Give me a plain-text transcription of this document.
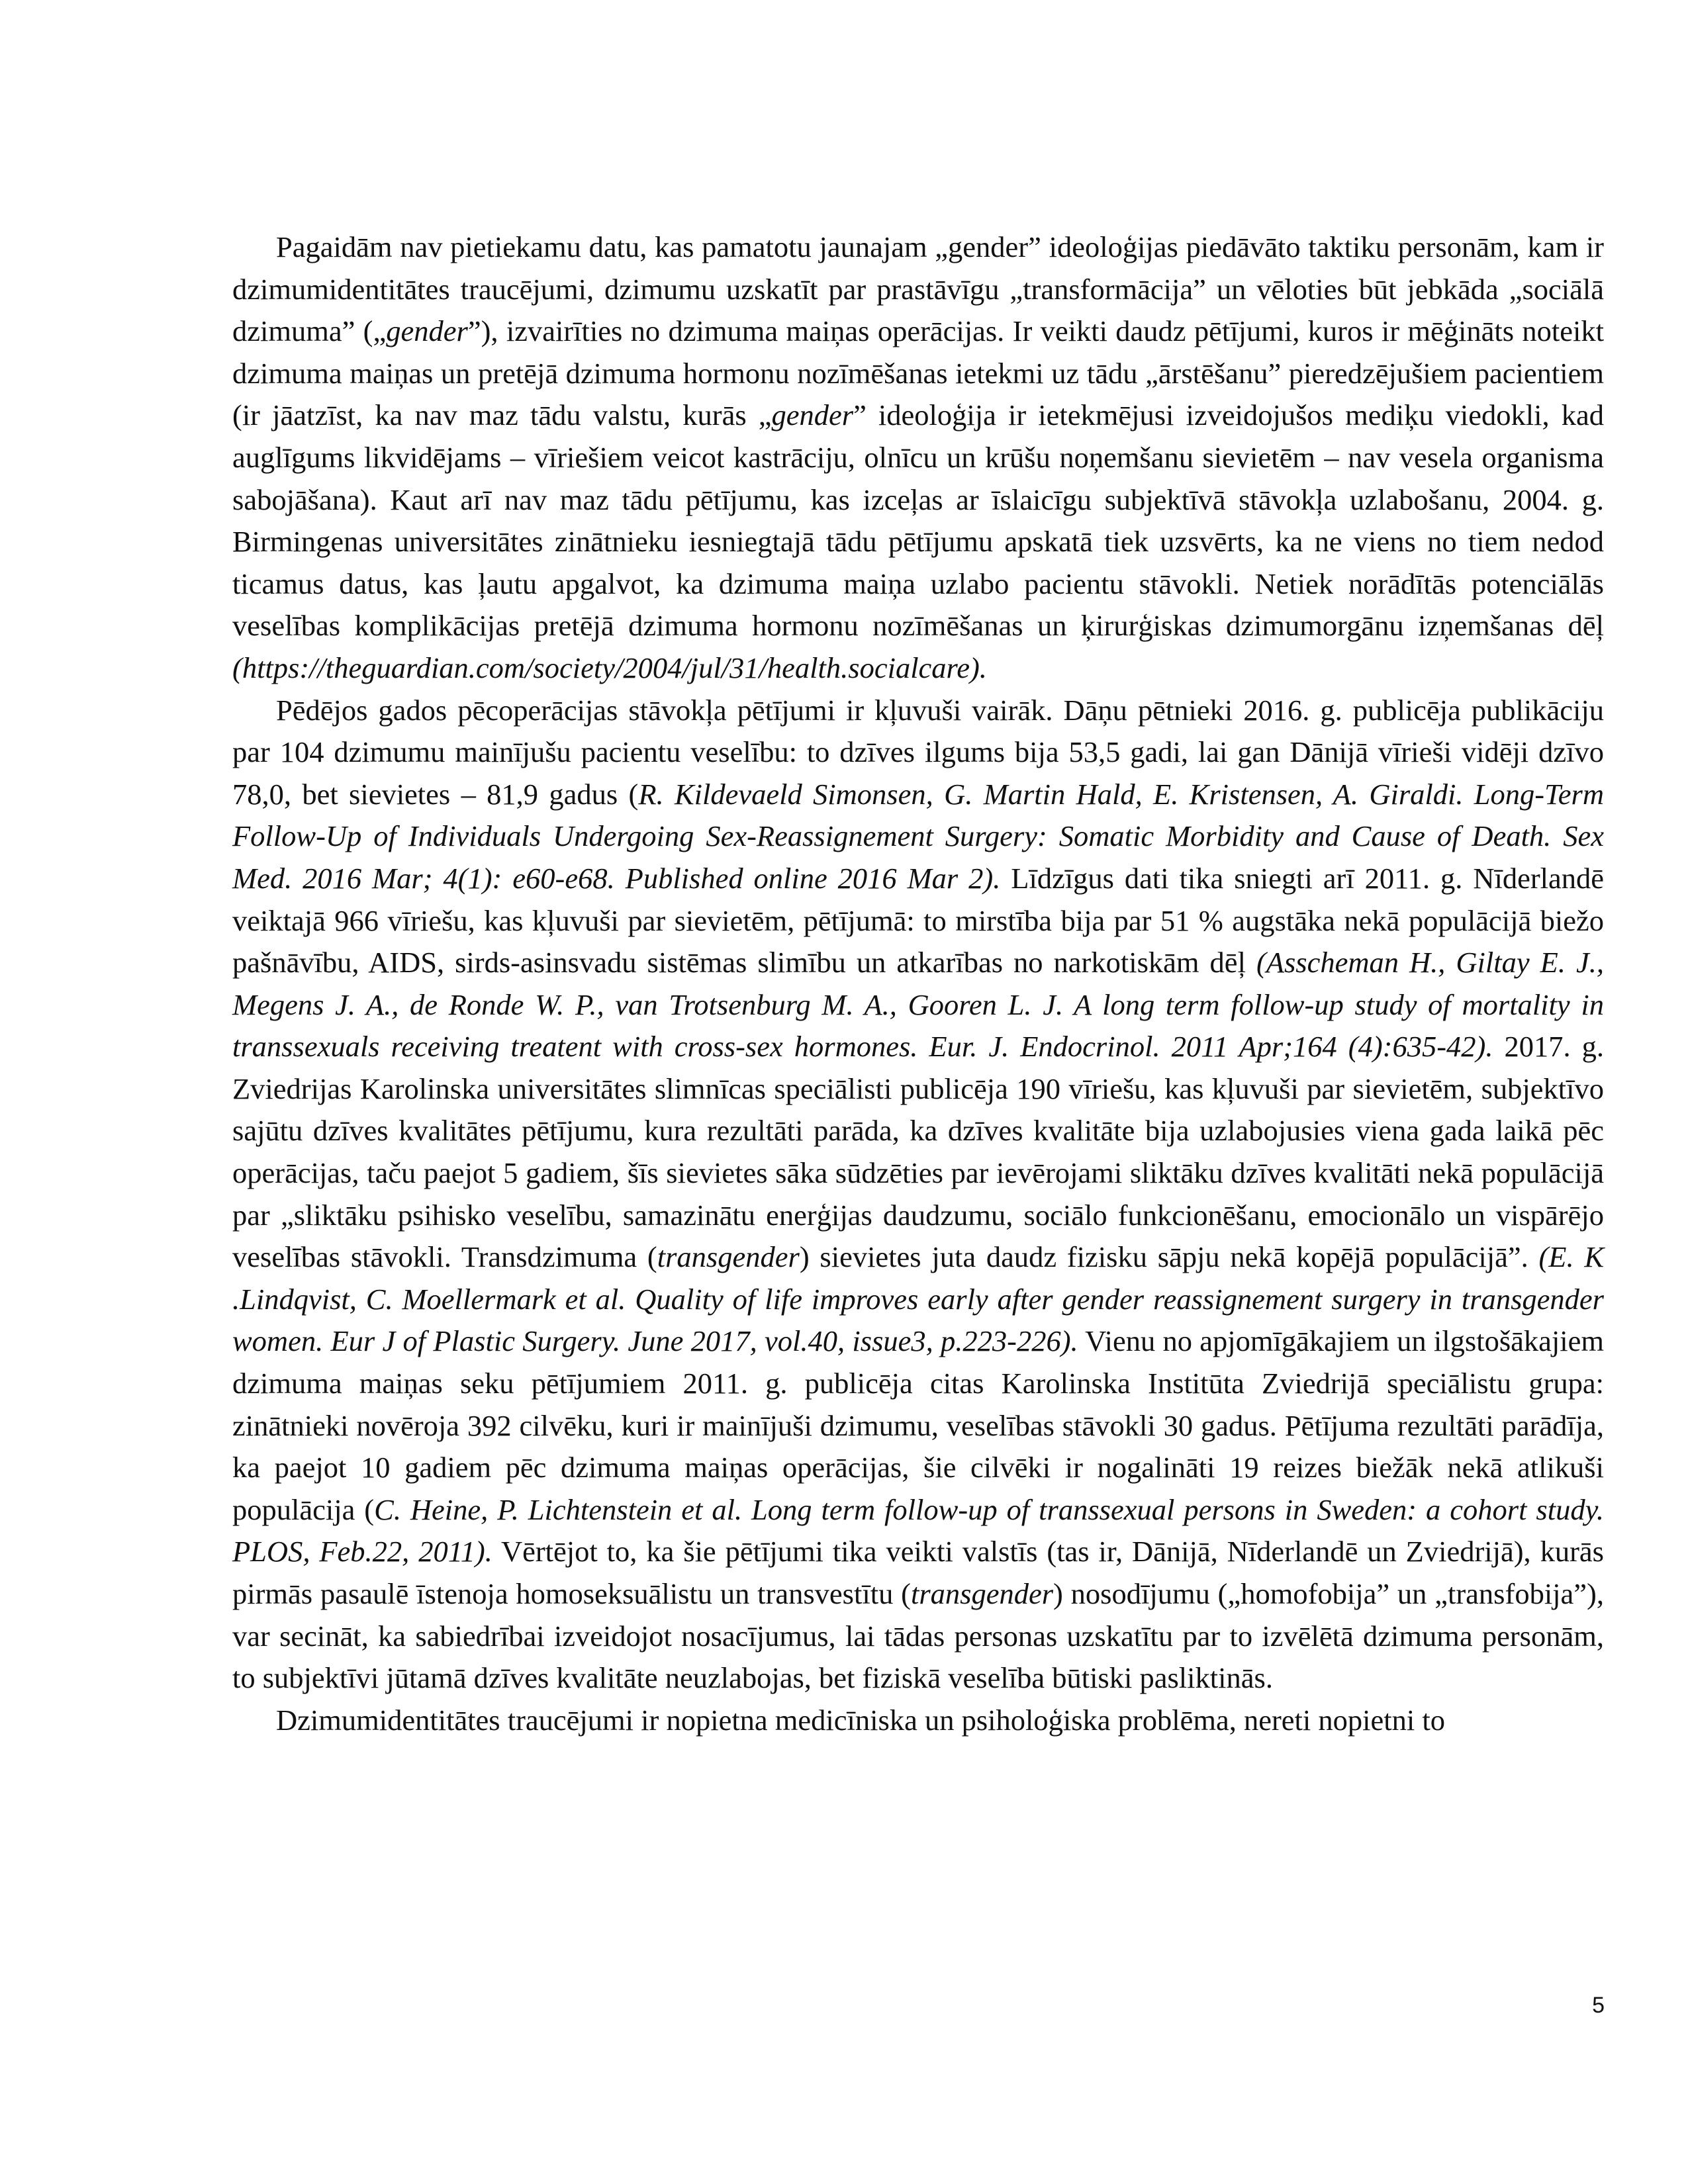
Pagaidām nav pietiekamu datu, kas pamatotu jaunajam „gender” ideoloģijas piedāvāto taktiku personām, kam ir dzimumidentitātes traucējumi, dzimumu uzskatīt par prastāvīgu „transformācija” un vēloties būt jebkāda „sociālā dzimuma” („gender”), izvairīties no dzimuma maiņas operācijas. Ir veikti daudz pētījumi, kuros ir mēģināts noteikt dzimuma maiņas un pretējā dzimuma hormonu nozīmēšanas ietekmi uz tādu „ārstēšanu” pieredzējušiem pacientiem (ir jāatzīst, ka nav maz tādu valstu, kurās „gender” ideoloģija ir ietekmējusi izveidojušos mediķu viedokli, kad auglīgums likvidējams – vīriešiem veicot kastrāciju, olnīcu un krūšu noņemšanu sievietēm – nav vesela organisma sabojāšana). Kaut arī nav maz tādu pētījumu, kas izceļas ar īslaicīgu subjektīvā stāvokļa uzlabošanu, 2004. g. Birmingenas universitātes zinātnieku iesniegtajā tādu pētījumu apskatā tiek uzsvērts, ka ne viens no tiem nedod ticamus datus, kas ļautu apgalvot, ka dzimuma maiņa uzlabo pacientu stāvokli. Netiek norādītās potenciālās veselības komplikācijas pretējā dzimuma hormonu nozīmēšanas un ķirurģiskas dzimumorgānu izņemšanas dēļ (https://theguardian.com/society/2004/jul/31/health.socialcare).

Pēdējos gados pēcoperācijas stāvokļa pētījumi ir kļuvuši vairāk. Dāņu pētnieki 2016. g. publicēja publikāciju par 104 dzimumu mainījušu pacientu veselību: to dzīves ilgums bija 53,5 gadi, lai gan Dānijā vīrieši vidēji dzīvo 78,0, bet sievietes – 81,9 gadus (R. Kildevaeld Simonsen, G. Martin Hald, E. Kristensen, A. Giraldi. Long-Term Follow-Up of Individuals Undergoing Sex-Reassignement Surgery: Somatic Morbidity and Cause of Death. Sex Med. 2016 Mar; 4(1): e60-e68. Published online 2016 Mar 2). Līdzīgus dati tika sniegti arī 2011. g. Nīderlandē veiktajā 966 vīriešu, kas kļuvuši par sievietēm, pētījumā: to mirstība bija par 51 % augstāka nekā populācijā biežo pašnāvību, AIDS, sirds-asinsvadu sistēmas slimību un atkarības no narkotiskām dēļ (Asscheman H., Giltay E. J., Megens J. A., de Ronde W. P., van Trotsenburg M. A., Gooren L. J. A long term follow-up study of mortality in transsexuals receiving treatent with cross-sex hormones. Eur. J. Endocrinol. 2011 Apr;164 (4):635-42). 2017. g. Zviedrijas Karolinska universitātes slimnīcas speciālisti publicēja 190 vīriešu, kas kļuvuši par sievietēm, subjektīvo sajūtu dzīves kvalitātes pētījumu, kura rezultāti parāda, ka dzīves kvalitāte bija uzlabojusies viena gada laikā pēc operācijas, taču paejot 5 gadiem, šīs sievietes sāka sūdzēties par ievērojami sliktāku dzīves kvalitāti nekā populācijā par „sliktāku psihisko veselību, samazinātu enerģijas daudzumu, sociālo funkcionēšanu, emocionālo un vispārējo veselības stāvokli. Transdzimuma (transgender) sievietes juta daudz fizisku sāpju nekā kopējā populācijā”. (E. K .Lindqvist, C. Moellermark et al. Quality of life improves early after gender reassignement surgery in transgender women. Eur J of Plastic Surgery. June 2017, vol.40, issue3, p.223-226). Vienu no apjomīgākajiem un ilgstošākajiem dzimuma maiņas seku pētījumiem 2011. g. publicēja citas Karolinska Institūta Zviedrijā speciālistu grupa: zinātnieki novēroja 392 cilvēku, kuri ir mainījuši dzimumu, veselības stāvokli 30 gadus. Pētījuma rezultāti parādīja, ka paejot 10 gadiem pēc dzimuma maiņas operācijas, šie cilvēki ir nogalināti 19 reizes biežāk nekā atlikuši populācija (C. Heine, P. Lichtenstein et al. Long term follow-up of transsexual persons in Sweden: a cohort study. PLOS, Feb.22, 2011). Vērtējot to, ka šie pētījumi tika veikti valstīs (tas ir, Dānijā, Nīderlandē un Zviedrijā), kurās pirmās pasaulē īstenoja homoseksuālistu un transvestītu (transgender) nosodījumu („homofobija” un „transfobija”), var secināt, ka sabiedrībai izveidojot nosacījumus, lai tādas personas uzskatītu par to izvēlētā dzimuma personām, to subjektīvi jūtamā dzīves kvalitāte neuzlabojas, bet fiziskā veselība būtiski pasliktinās.

Dzimumidentitātes traucējumi ir nopietna medicīniska un psiholoģiska problēma, nereti nopietni to

5
